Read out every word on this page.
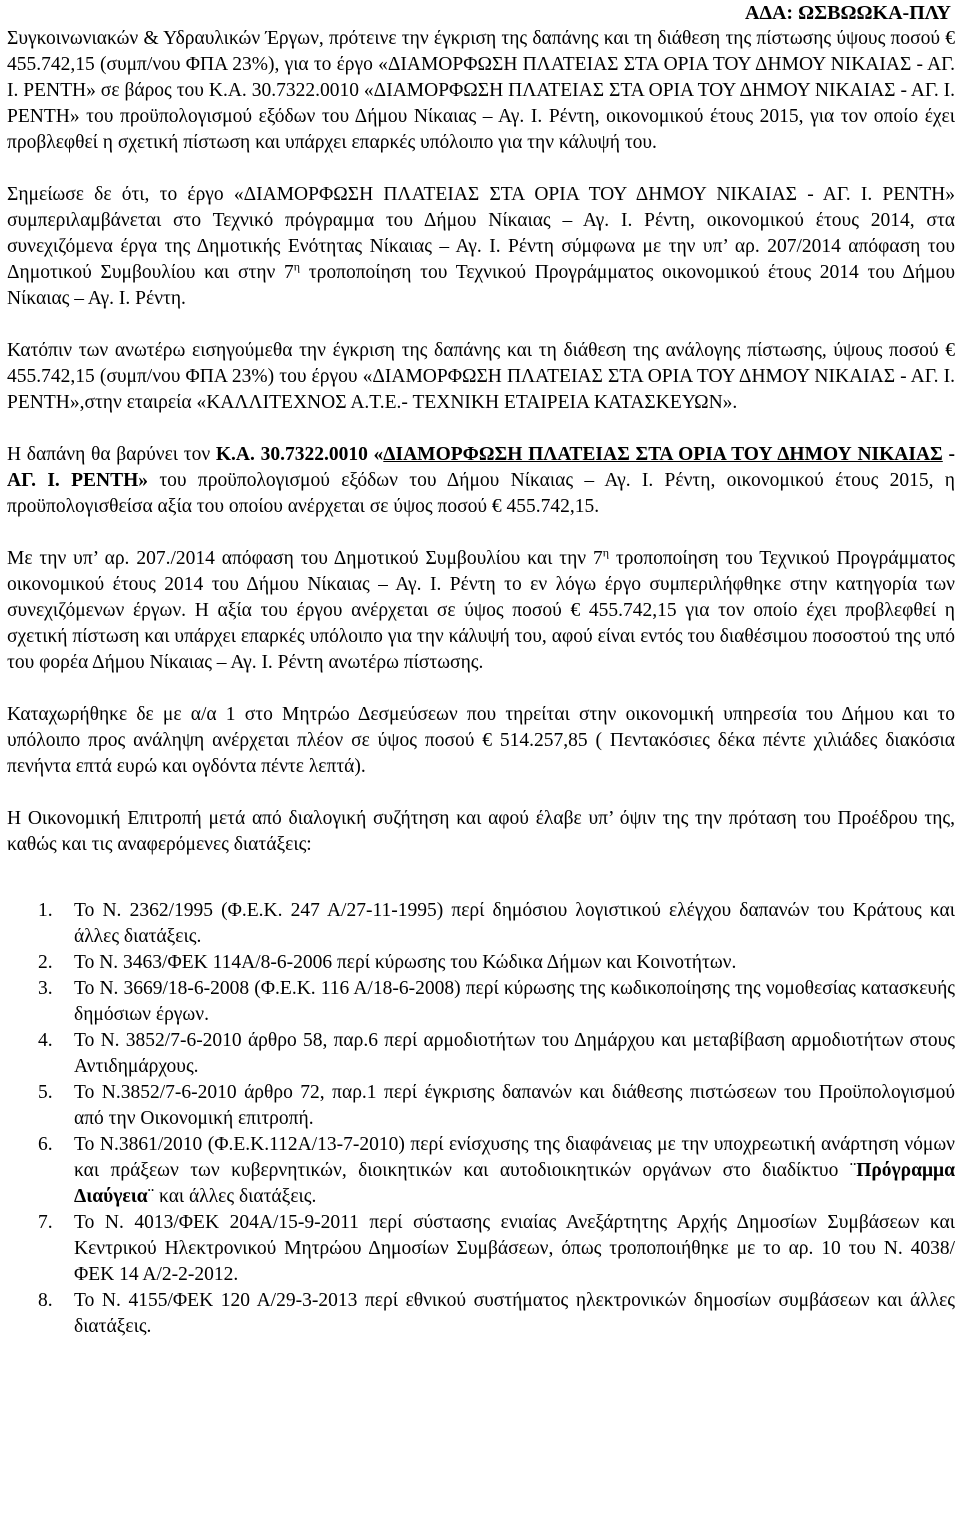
ΑΔΑ: ΩΣΒΩΩΚΑ-ΠΛΥ

Συγκοινωνιακών & Υδραυλικών Έργων, πρότεινε την έγκριση της δαπάνης και τη διάθεση της πίστωσης ύψους ποσού € 455.742,15 (συμπ/νου ΦΠΑ 23%), για το έργο «ΔΙΑΜΟΡΦΩΣΗ ΠΛΑΤΕΙΑΣ ΣΤΑ ΟΡΙΑ ΤΟΥ ΔΗΜΟΥ ΝΙΚΑΙΑΣ - ΑΓ. Ι. ΡΕΝΤΗ» σε βάρος του Κ.Α. 30.7322.0010 «ΔΙΑΜΟΡΦΩΣΗ ΠΛΑΤΕΙΑΣ ΣΤΑ ΟΡΙΑ ΤΟΥ ΔΗΜΟΥ ΝΙΚΑΙΑΣ - ΑΓ. Ι. ΡΕΝΤΗ» του προϋπολογισμού εξόδων του Δήμου Νίκαιας – Αγ. Ι. Ρέντη, οικονομικού έτους 2015, για τον οποίο έχει προβλεφθεί η σχετική πίστωση και υπάρχει επαρκές υπόλοιπο για την κάλυψή του.

Σημείωσε δε ότι, το έργο «ΔΙΑΜΟΡΦΩΣΗ ΠΛΑΤΕΙΑΣ ΣΤΑ ΟΡΙΑ ΤΟΥ ΔΗΜΟΥ ΝΙΚΑΙΑΣ - ΑΓ. Ι. ΡΕΝΤΗ» συμπεριλαμβάνεται στο Τεχνικό πρόγραμμα του Δήμου Νίκαιας – Αγ. Ι. Ρέντη, οικονομικού έτους 2014, στα συνεχιζόμενα έργα της Δημοτικής Ενότητας Νίκαιας – Αγ. Ι. Ρέντη σύμφωνα με την υπ’ αρ. 207/2014 απόφαση του Δημοτικού Συμβουλίου και στην $7^\eta$ τροποποίηση του Τεχνικού Προγράμματος οικονομικού έτους 2014 του Δήμου Νίκαιας – Αγ. Ι. Ρέντη.

Κατόπιν των ανωτέρω εισηγούμεθα την έγκριση της δαπάνης και τη διάθεση της ανάλογης πίστωσης, ύψους ποσού € 455.742,15 (συμπ/νου ΦΠΑ 23%) του έργου «ΔΙΑΜΟΡΦΩΣΗ ΠΛΑΤΕΙΑΣ ΣΤΑ ΟΡΙΑ ΤΟΥ ΔΗΜΟΥ ΝΙΚΑΙΑΣ - ΑΓ. Ι. ΡΕΝΤΗ»,στην εταιρεία «ΚΑΛΛΙΤΕΧΝΟΣ Α.Τ.Ε.- ΤΕΧΝΙΚΗ ΕΤΑΙΡΕΙΑ ΚΑΤΑΣΚΕΥΩΝ».

Η δαπάνη θα βαρύνει τον Κ.Α. 30.7322.0010 «ΔΙΑΜΟΡΦΩΣΗ ΠΛΑΤΕΙΑΣ ΣΤΑ ΟΡΙΑ ΤΟΥ ΔΗΜΟΥ ΝΙΚΑΙΑΣ - ΑΓ. Ι. ΡΕΝΤΗ» του προϋπολογισμού εξόδων του Δήμου Νίκαιας – Αγ. Ι. Ρέντη, οικονομικού έτους 2015, η προϋπολογισθείσα αξία του οποίου ανέρχεται σε ύψος ποσού € 455.742,15.

Με την υπ’ αρ. 207./2014 απόφαση του Δημοτικού Συμβουλίου και την $7^\eta$ τροποποίηση του Τεχνικού Προγράμματος οικονομικού έτους 2014 του Δήμου Νίκαιας – Αγ. Ι. Ρέντη το εν λόγω έργο συμπεριλήφθηκε στην κατηγορία των συνεχιζόμενων έργων. Η αξία του έργου ανέρχεται σε ύψος ποσού € 455.742,15 για τον οποίο έχει προβλεφθεί η σχετική πίστωση και υπάρχει επαρκές υπόλοιπο για την κάλυψή του, αφού είναι εντός του διαθέσιμου ποσοστού της υπό του φορέα Δήμου Νίκαιας – Αγ. Ι. Ρέντη ανωτέρω πίστωσης.

Καταχωρήθηκε δε με α/α 1 στο Μητρώο Δεσμεύσεων που τηρείται στην οικονομική υπηρεσία του Δήμου και το υπόλοιπο προς ανάληψη ανέρχεται πλέον σε ύψος ποσού € 514.257,85 ( Πεντακόσιες δέκα πέντε χιλιάδες διακόσια πενήντα επτά ευρώ και ογδόντα πέντε λεπτά).

Η Οικονομική Επιτροπή μετά από διαλογική συζήτηση και αφού έλαβε υπ’ όψιν της την πρόταση του Προέδρου της, καθώς και τις αναφερόμενες διατάξεις:

1. Το Ν. 2362/1995 (Φ.Ε.Κ. 247 Α/27-11-1995) περί δημόσιου λογιστικού ελέγχου δαπανών του Κράτους και άλλες διατάξεις.
2. Το Ν. 3463/ΦΕΚ 114Α/8-6-2006 περί κύρωσης του Κώδικα Δήμων και Κοινοτήτων.
3. Το Ν. 3669/18-6-2008 (Φ.Ε.Κ. 116 Α/18-6-2008) περί κύρωσης της κωδικοποίησης της νομοθεσίας κατασκευής δημόσιων έργων.
4. Το Ν. 3852/7-6-2010 άρθρο 58, παρ.6 περί αρμοδιοτήτων του Δημάρχου και μεταβίβαση αρμοδιοτήτων στους Αντιδημάρχους.
5. Το Ν.3852/7-6-2010 άρθρο 72, παρ.1 περί έγκρισης δαπανών και διάθεσης πιστώσεων του Προϋπολογισμού από την Οικονομική επιτροπή.
6. Το Ν.3861/2010 (Φ.Ε.Κ.112Α/13-7-2010) περί ενίσχυσης της διαφάνειας με την υποχρεωτική ανάρτηση νόμων και πράξεων των κυβερνητικών, διοικητικών και αυτοδιοικητικών οργάνων στο διαδίκτυο ¨Πρόγραμμα Διαύγεια¨ και άλλες διατάξεις.
7. Το Ν. 4013/ΦΕΚ 204Α/15-9-2011 περί σύστασης ενιαίας Ανεξάρτητης Αρχής Δημοσίων Συμβάσεων και Κεντρικού Ηλεκτρονικού Μητρώου Δημοσίων Συμβάσεων, όπως τροποποιήθηκε με το αρ. 10 του Ν. 4038/ΦΕΚ 14 Α/2-2-2012.
8. Το Ν. 4155/ΦΕΚ 120 Α/29-3-2013 περί εθνικού συστήματος ηλεκτρονικών δημοσίων συμβάσεων και άλλες διατάξεις.
